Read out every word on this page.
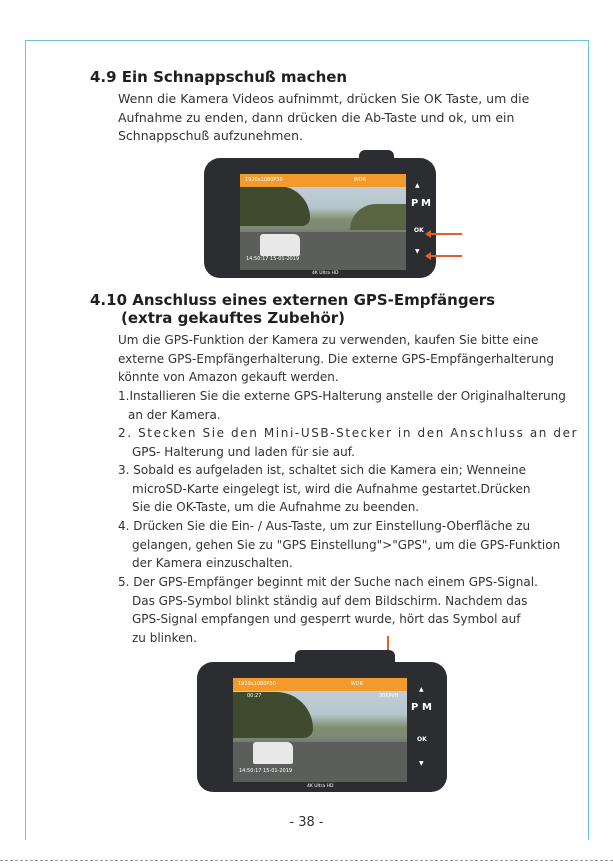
4.9 Ein Schnappschuß machen
Wenn die Kamera Videos aufnimmt, drücken Sie OK Taste, um die
Aufnahme zu enden, dann drücken die Ab-Taste und ok, um ein
Schnappschuß aufzunehmen.
1920x1080P30	WDR
14:50:17 15-01-2019
4K Ultra HD
P M
OK
▲
▼
4.10 Anschluss eines externen GPS-Empfängers
(extra gekauftes Zubehör)
Um die GPS-Funktion der Kamera zu verwenden, kaufen Sie bitte eine
externe GPS-Empfängerhalterung. Die externe GPS-Empfängerhalterung
könnte von Amazon gekauft werden.
1.Installieren Sie die externe GPS-Halterung anstelle der Originalhalterung
an der Kamera.
2. Stecken Sie den Mini-USB-Stecker in den Anschluss an der
GPS- Halterung und laden für sie auf.
3. Sobald es aufgeladen ist, schaltet sich die Kamera ein; Wenneine
microSD-Karte eingelegt ist, wird die Aufnahme gestartet.Drücken
Sie die OK-Taste, um die Aufnahme zu beenden.
4. Drücken Sie die Ein- / Aus-Taste, um zur Einstellung-Oberfläche zu
gelangen, gehen Sie zu "GPS Einstellung">"GPS", um die GPS-Funktion
der Kamera einzuschalten.
5. Der GPS-Empfänger beginnt mit der Suche nach einem GPS-Signal.
Das GPS-Symbol blinkt ständig auf dem Bildschirm. Nachdem das
GPS-Signal empfangen und gesperrt wurde, hört das Symbol auf
zu blinken.
1920x1080P30	WDR
00:27	30KM/H
14:50:17 15-01-2019
4K Ultra HD
P M
OK
▲
▼
- 38 -
